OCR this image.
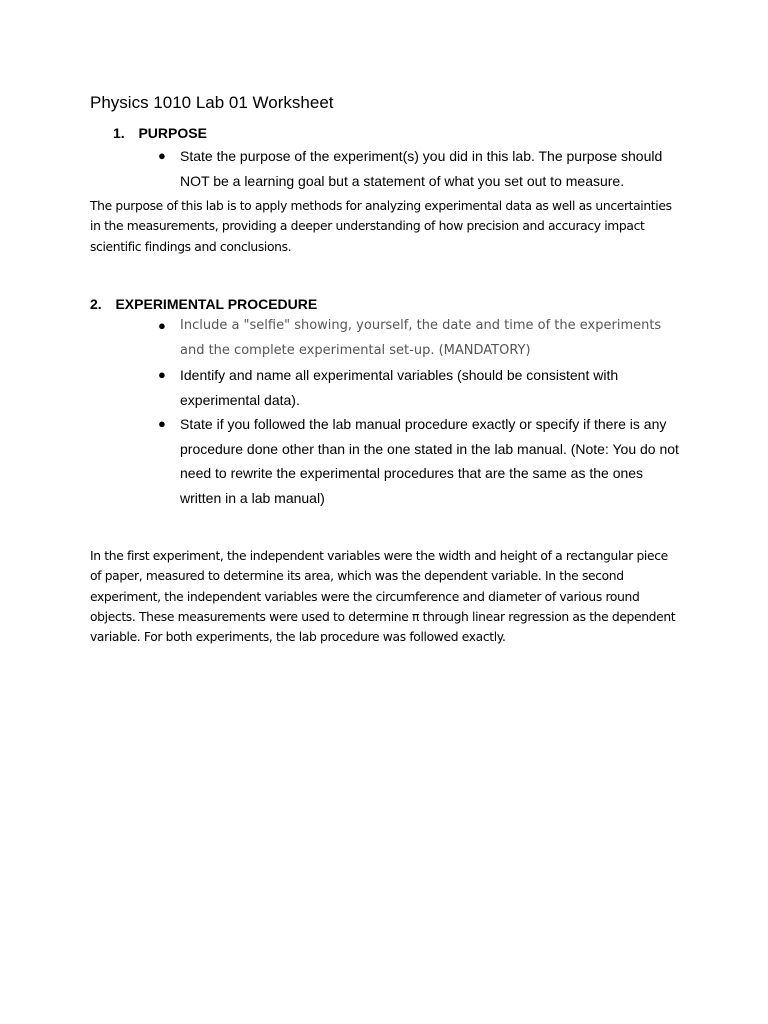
Physics 1010 Lab 01 Worksheet
1. PURPOSE
● State the purpose of the experiment(s) you did in this lab. The purpose should NOT be a learning goal but a statement of what you set out to measure.

The purpose of this lab is to apply methods for analyzing experimental data as well as uncertainties in the measurements, providing a deeper understanding of how precision and accuracy impact scientific findings and conclusions.

2. EXPERIMENTAL PROCEDURE
● Include a "selfie" showing, yourself, the date and time of the experiments and the complete experimental set-up. (MANDATORY)
● Identify and name all experimental variables (should be consistent with experimental data).
● State if you followed the lab manual procedure exactly or specify if there is any procedure done other than in the one stated in the lab manual. (Note: You do not need to rewrite the experimental procedures that are the same as the ones written in a lab manual)

In the first experiment, the independent variables were the width and height of a rectangular piece of paper, measured to determine its area, which was the dependent variable. In the second experiment, the independent variables were the circumference and diameter of various round objects. These measurements were used to determine π through linear regression as the dependent variable. For both experiments, the lab procedure was followed exactly.
